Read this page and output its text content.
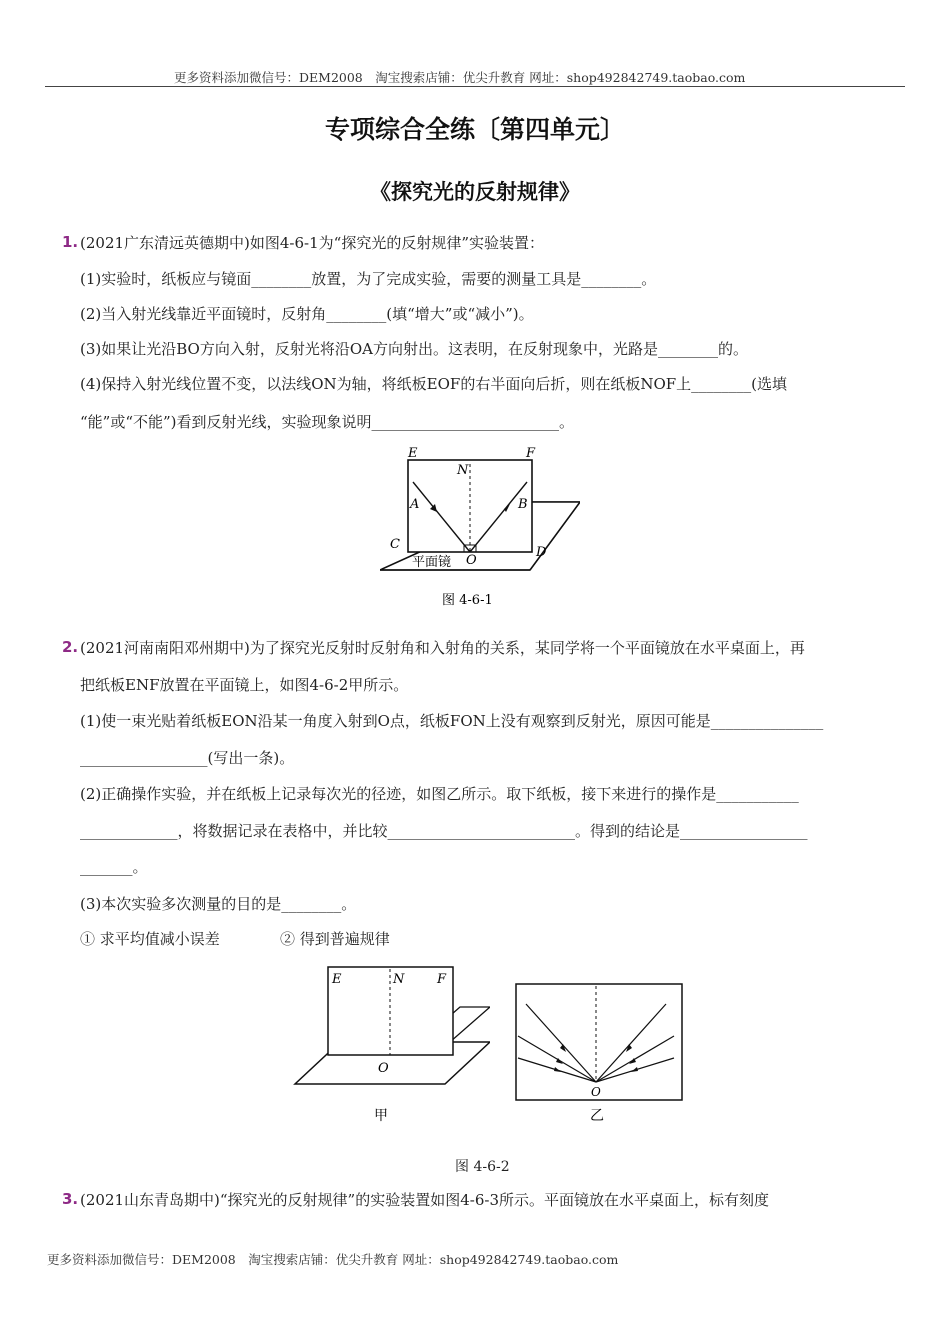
更多资料添加微信号：DEM2008　淘宝搜索店铺：优尖升教育 网址：shop492842749.taobao.com
专项综合全练〔第四单元〕
《探究光的反射规律》
1. (2021广东清远英德期中)如图4-6-1为“探究光的反射规律”实验装置：
(1)实验时，纸板应与镜面________放置，为了完成实验，需要的测量工具是________。
(2)当入射光线靠近平面镜时，反射角________(填“增大”或“减小”)。
(3)如果让光沿BO方向入射，反射光将沿OA方向射出。这表明，在反射现象中，光路是________的。
(4)保持入射光线位置不变，以法线ON为轴，将纸板EOF的右半面向后折，则在纸板NOF上________(选填
“能”或“不能”)看到反射光线，实验现象说明_________________________。
E
N
F
A	B
C
D
O
平面镜
图 4-6-1
2. (2021河南南阳邓州期中)为了探究光反射时反射角和入射角的关系，某同学将一个平面镜放在水平桌面上，再
把纸板ENF放置在平面镜上，如图4-6-2甲所示。
(1)使一束光贴着纸板EON沿某一角度入射到O点，纸板FON上没有观察到反射光，原因可能是_______________
_________________(写出一条)。
(2)正确操作实验，并在纸板上记录每次光的径迹，如图乙所示。取下纸板，接下来进行的操作是___________
_____________，将数据记录在表格中，并比较_________________________。得到的结论是_________________
_______。
(3)本次实验多次测量的目的是________。
① 求平均值减小误差	② 得到普遍规律
E	N	F
O
甲
O
乙
图 4-6-2
3. (2021山东青岛期中)“探究光的反射规律”的实验装置如图4-6-3所示。平面镜放在水平桌面上，标有刻度
更多资料添加微信号：DEM2008　淘宝搜索店铺：优尖升教育 网址：shop492842749.taobao.com
